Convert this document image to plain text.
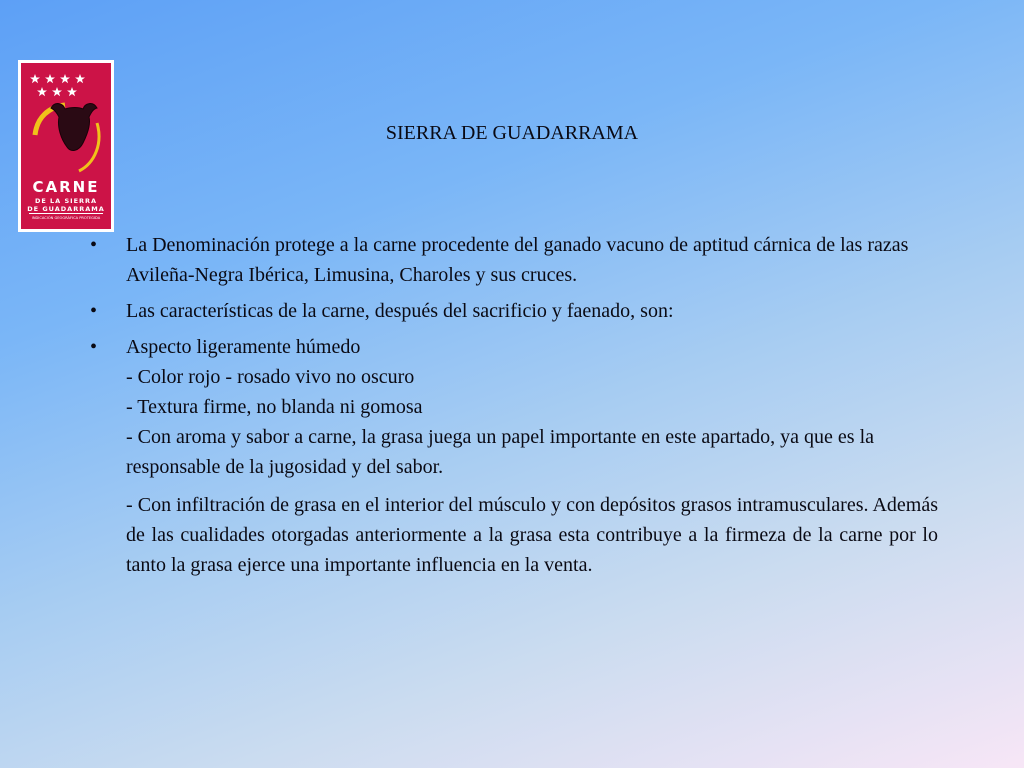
CARNE
DE LA SIERRA
DE GUADARRAMA
INDICACIÓN GEOGRÁFICA PROTEGIDA
SIERRA DE GUADARRAMA
•	La Denominación protege a la carne procedente del ganado vacuno de aptitud cárnica de las razas Avileña-Negra Ibérica, Limusina, Charoles y sus cruces.
•	Las características de la carne, después del sacrificio y faenado, son:
•	Aspecto ligeramente húmedo
- Color rojo - rosado vivo no oscuro
- Textura firme, no blanda ni gomosa
- Con aroma y sabor a carne, la grasa juega un papel importante en este apartado, ya que es la responsable de la jugosidad y del sabor.
- Con infiltración de grasa en el interior del músculo y con depósitos grasos intramusculares. Además de las cualidades otorgadas anteriormente a la grasa esta contribuye a la firmeza de la carne por lo tanto la grasa ejerce una importante influencia en la venta.
